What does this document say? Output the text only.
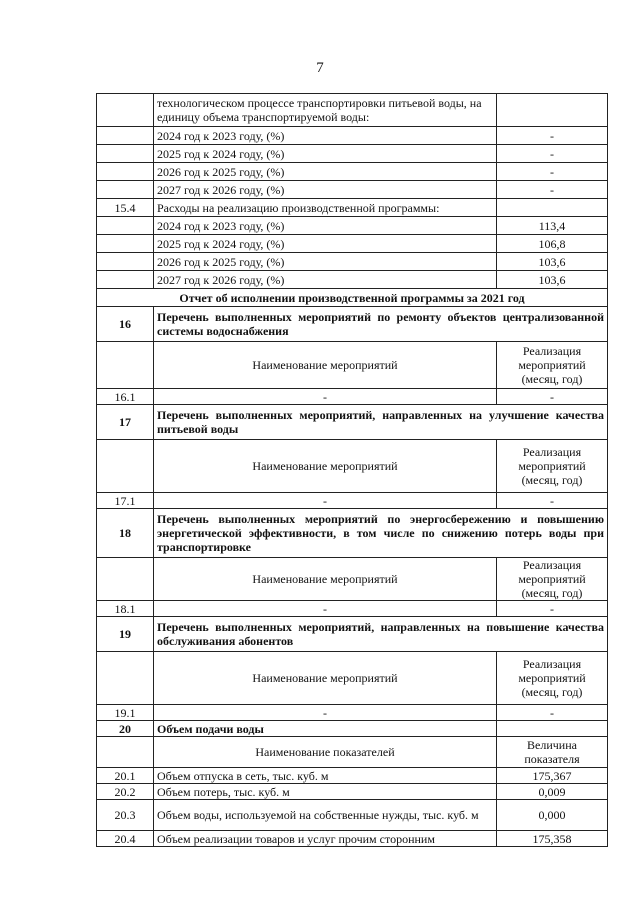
7
	технологическом процессе транспортировки питьевой воды, на единицу объема транспортируемой воды:	
	2024 год к 2023 году, (%)	-
	2025 год к 2024 году, (%)	-
	2026 год к 2025 году, (%)	-
	2027 год к 2026 году, (%)	-
15.4	Расходы на реализацию производственной программы:	
	2024 год к 2023 году, (%)	113,4
	2025 год к 2024 году, (%)	106,8
	2026 год к 2025 году, (%)	103,6
	2027 год к 2026 году, (%)	103,6
Отчет об исполнении производственной программы за 2021 год		
16	Перечень выполненных мероприятий по ремонту объектов централизованной системы водоснабжения	
	Наименование мероприятий	Реализация мероприятий (месяц, год)
16.1	-	-
17	Перечень выполненных мероприятий, направленных на улучшение качества питьевой воды	
	Наименование мероприятий	Реализация мероприятий (месяц, год)
17.1	-	-
18	Перечень выполненных мероприятий по энергосбережению и повышению энергетической эффективности, в том числе по снижению потерь воды при транспортировке	
	Наименование мероприятий	Реализация мероприятий (месяц, год)
18.1	-	-
19	Перечень выполненных мероприятий, направленных на повышение качества обслуживания абонентов	
	Наименование мероприятий	Реализация мероприятий (месяц, год)
19.1	-	-
20	Объем подачи воды	
	Наименование показателей	Величина показателя
20.1	Объем отпуска в сеть, тыс. куб. м	175,367
20.2	Объем потерь, тыс. куб. м	0,009
20.3	Объем воды, используемой на собственные нужды, тыс. куб. м	0,000
20.4	Объем реализации товаров и услуг прочим сторонним	175,358
